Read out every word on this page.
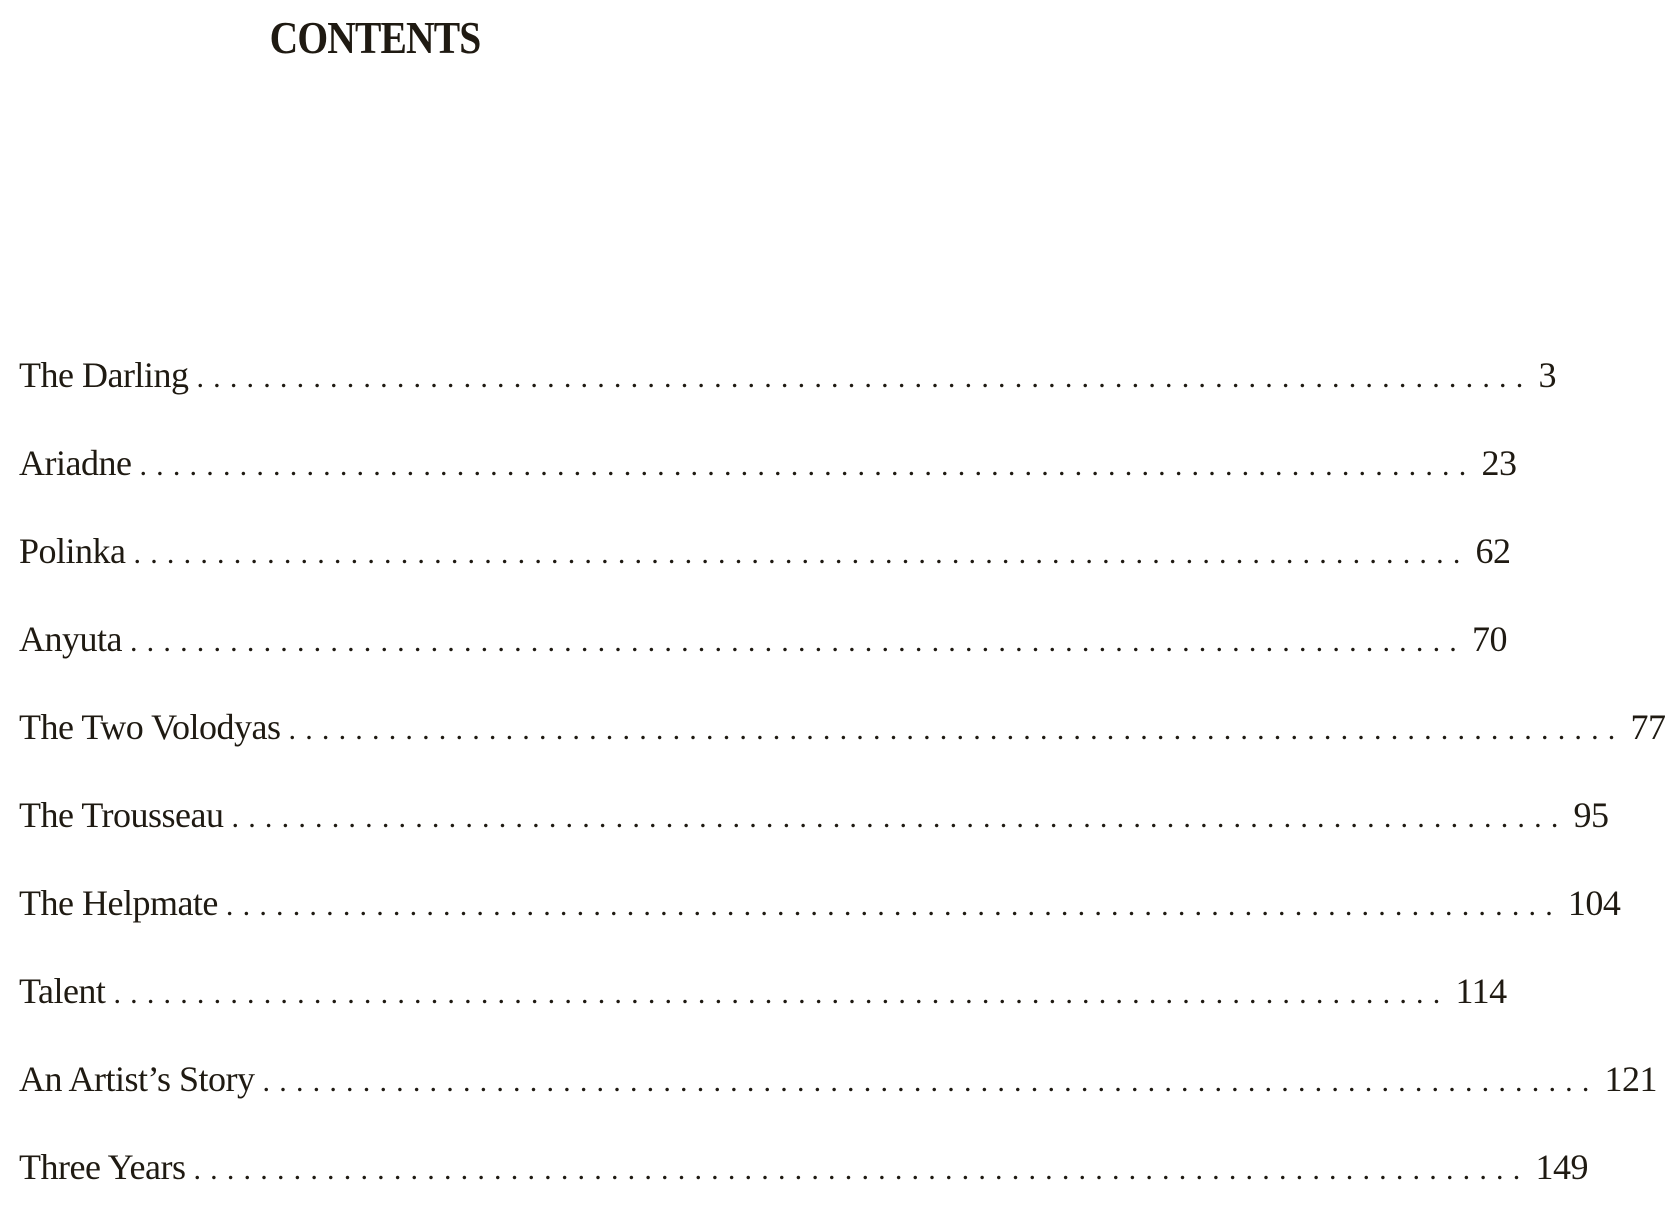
CONTENTS
The Darling ................................................................................ 3
Ariadne ................................................................................ 23
Polinka ................................................................................ 62
Anyuta ................................................................................ 70
The Two Volodyas ................................................................................ 77
The Trousseau ................................................................................ 95
The Helpmate ................................................................................ 104
Talent ................................................................................ 114
An Artist’s Story ................................................................................ 121
Three Years ................................................................................ 149
